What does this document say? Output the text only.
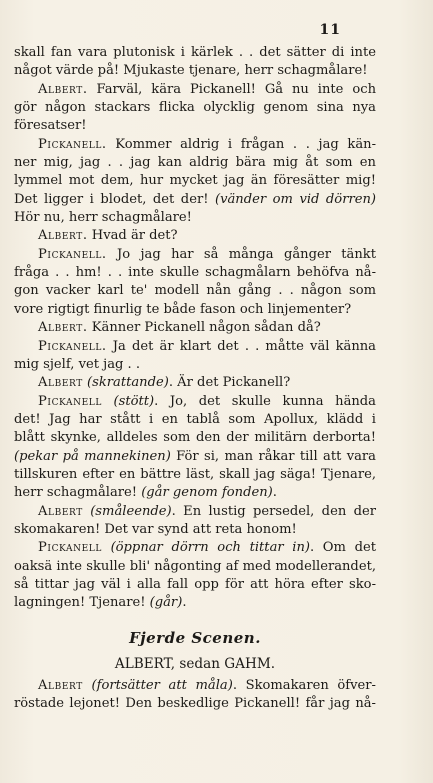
11
skall fan vara plutonisk i kärlek . . det sätter di inte
något värde på! Mjukaste tjenare, herr schagmålare!
Albert. Farväl, kära Pickanell! Gå nu inte och
gör någon stackars flicka olycklig genom sina nya
föresatser!
Pickanell. Kommer aldrig i frågan . . jag kän-
ner mig, jag . . jag kan aldrig bära mig åt som en
lymmel mot dem, hur mycket jag än föresätter mig!
Det ligger i blodet, det der! (vänder om vid dörren)
Hör nu, herr schagmålare!
Albert. Hvad är det?
Pickanell. Jo jag har så många gånger tänkt
fråga . . hm! . . inte skulle schagmålarn behöfva nå-
gon vacker karl te' modell nån gång . . någon som
vore rigtigt finurlig te både fason och linjementer?
Albert. Känner Pickanell någon sådan då?
Pickanell. Ja det är klart det . . måtte väl känna
mig sjelf, vet jag . .
Albert (skrattande). Är det Pickanell?
Pickanell (stött). Jo, det skulle kunna hända
det! Jag har stått i en tablå som Apollux, klädd i
blått skynke, alldeles som den der militärn derborta!
(pekar på mannekinen) För si, man råkar till att vara
tillskuren efter en bättre läst, skall jag säga! Tjenare,
herr schagmålare! (går genom fonden).
Albert (småleende). En lustig persedel, den der
skomakaren! Det var synd att reta honom!
Pickanell (öppnar dörrn och tittar in). Om det
oaksä inte skulle bli' någonting af med modellerandet,
så tittar jag väl i alla fall opp för att höra efter sko-
lagningen! Tjenare! (går).
Fjerde Scenen.
ALBERT, sedan GAHM.
Albert (fortsätter att måla). Skomakaren öfver-
röstade lejonet! Den beskedlige Pickanell! får jag nå-
